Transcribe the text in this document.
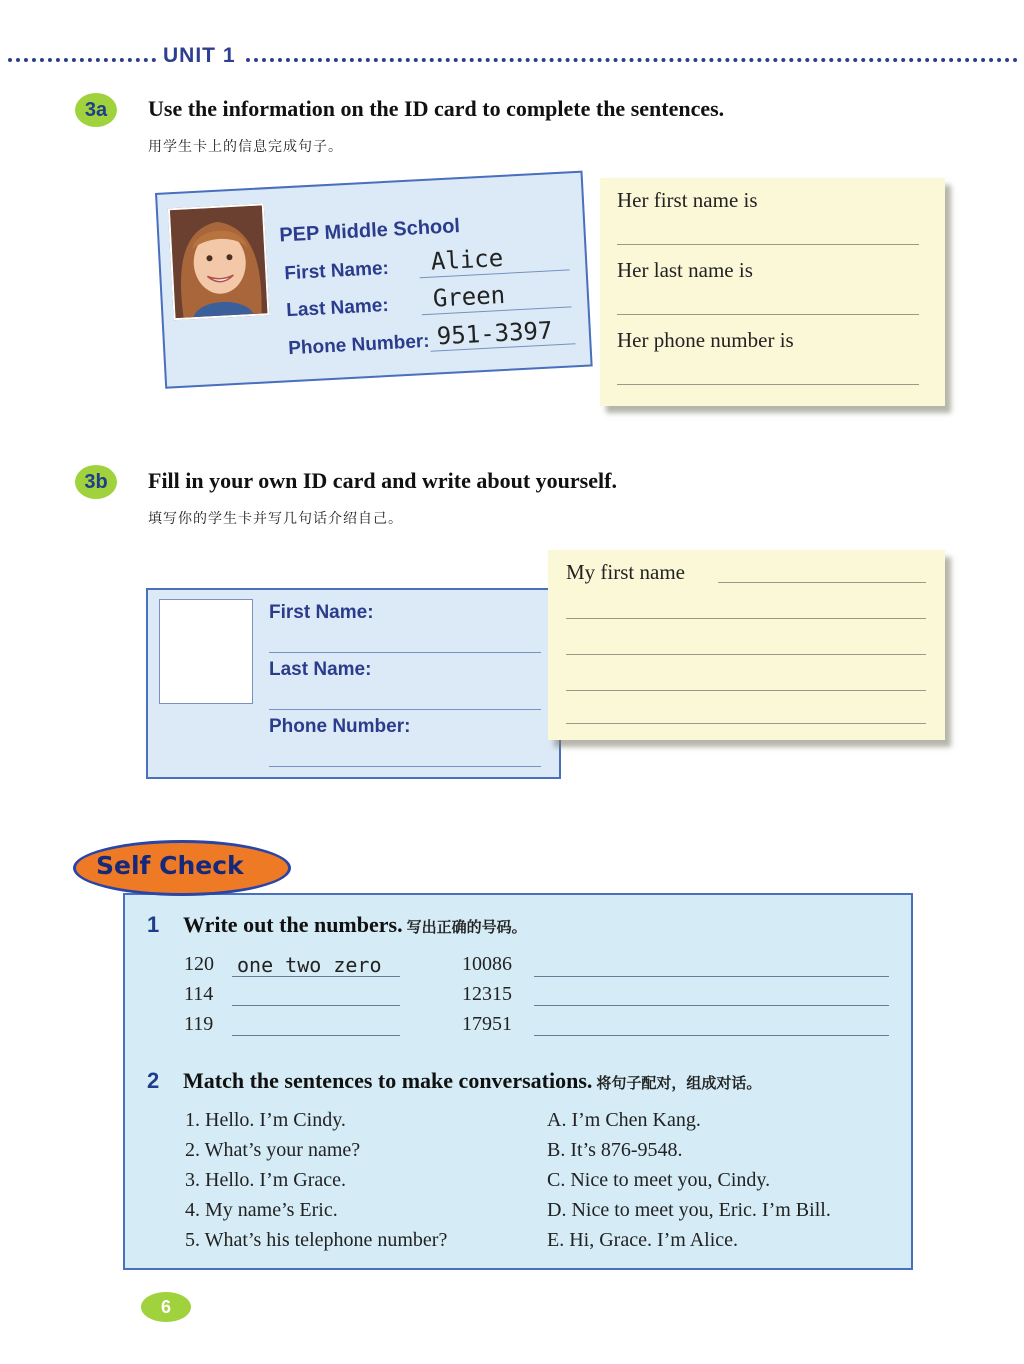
UNIT 1
3a	Use the information on the ID card to complete the sentences.
用学生卡上的信息完成句子。
PEP Middle School
First Name: Alice
Last Name: Green
Phone Number: 951-3397
Her first name is
Her last name is
Her phone number is
3b	Fill in your own ID card and write about yourself.
填写你的学生卡并写几句话介绍自己。
First Name:
Last Name:
Phone Number:
My first name
1 Write out the numbers. 写出正确的号码。
120 one two zero
114
119
10086
12315
17951
2 Match the sentences to make conversations. 将句子配对，组成对话。
1. Hello. I’m Cindy.
2. What’s your name?
3. Hello. I’m Grace.
4. My name’s Eric.
5. What’s his telephone number?
A. I’m Chen Kang.
B. It’s 876-9548.
C. Nice to meet you, Cindy.
D. Nice to meet you, Eric. I’m Bill.
E. Hi, Grace. I’m Alice.
Self Check
6
